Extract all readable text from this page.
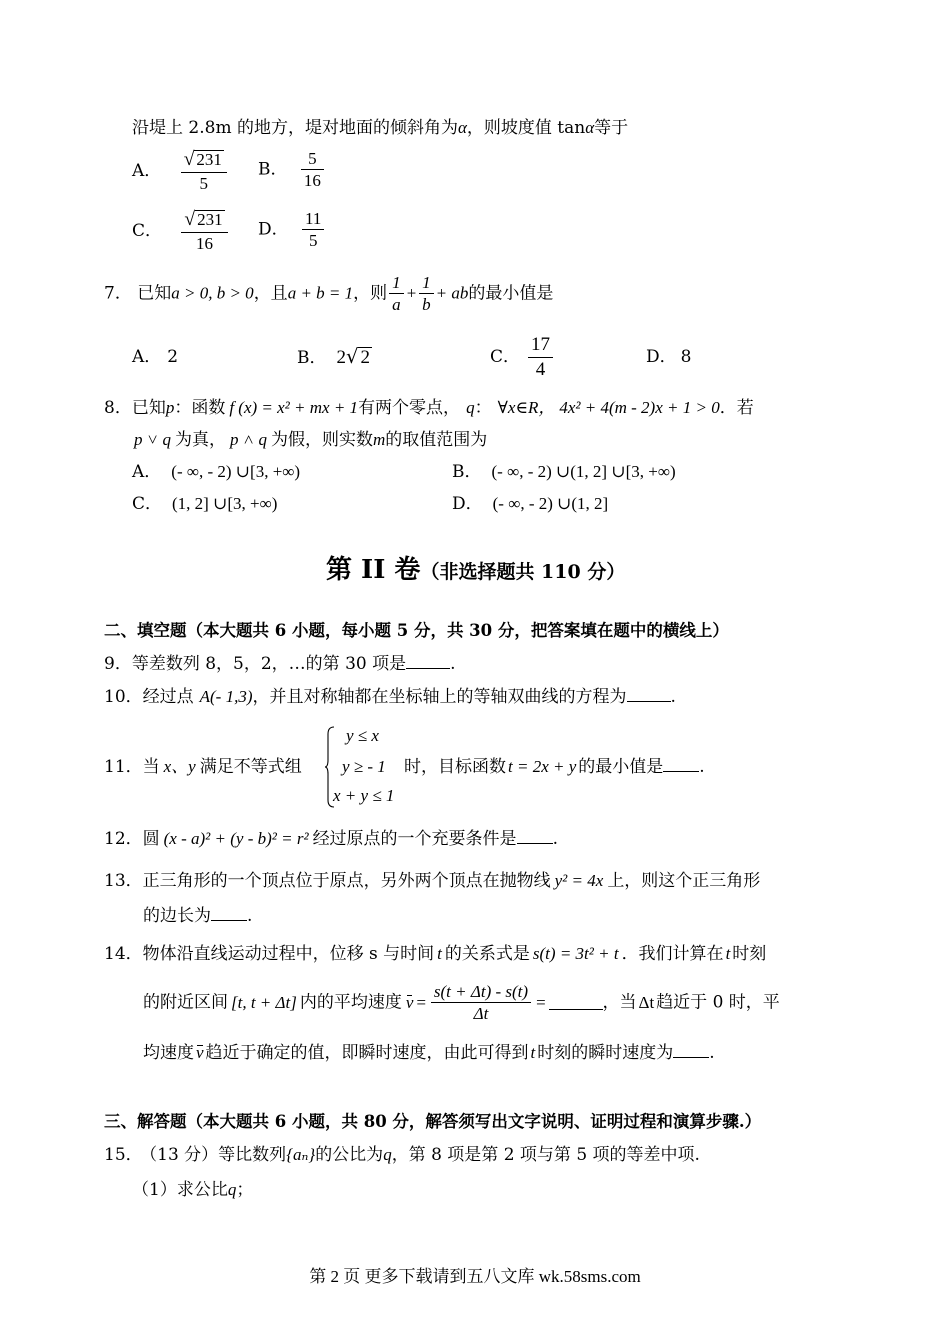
沿堤上 2.8m 的地方，堤对地面的倾斜角为α，则坡度值 tanα等于
A． $\frac{√ 231}{5}$ B． $\frac{5}{16}$
C． $\frac{√ 231}{16}$ D． $\frac{11}{5}$
7． 已知a > 0, b > 0，且a + b = 1，则 $\frac{1}{a} + \frac{1}{b}$ + ab的最小值是
A． 2	B． 2√ 2	C． $\frac{17}{4}$	D． 8
8．已知p：函数 f (x) = x² + mx + 1有两个零点， q： ∀x∈R， 4x² + 4(m - 2)x + 1 > 0．若
p ˅ q 为真， p ˄ q 为假，则实数m的取值范围为
A． (- ∞, - 2) ∪[3, +∞)	B． (- ∞, - 2) ∪(1, 2] ∪[3, +∞)
C． (1, 2] ∪[3, +∞)	D． (- ∞, - 2) ∪(1, 2]
第 II 卷（非选择题共 110 分）
二、填空题（本大题共 6 小题，每小题 5 分，共 30 分，把答案填在题中的横线上）
9．等差数列 8，5，2，…的第 30 项是	.
10．经过点 A(- 1,3)，并且对称轴都在坐标轴上的等轴双曲线的方程为	.
11．当 x、y 满足不等式组
y ≤ x
y ≥ - 1
x + y ≤ 1
时，目标函数 t = 2x + y 的最小值是 .
12．圆 (x - a)² + (y - b)² = r² 经过原点的一个充要条件是 .
13．正三角形的一个顶点位于原点，另外两个顶点在抛物线 y² = 4x 上，则这个正三角形
的边长为 .
14．物体沿直线运动过程中，位移 s 与时间 t 的关系式是 s(t) = 3t² + t ．我们计算在 t 时刻
的附近区间 [t, t + Δt] 内的平均速度 $v = \frac{s(t + \Delta t) - s(t)}{\Delta t}$ =	，当 Δt 趋近于 0 时，平
均速度 v 趋近于确定的值，即瞬时速度，由此可得到 t 时刻的瞬时速度为 .
三、解答题（本大题共 6 小题，共 80 分，解答须写出文字说明、证明过程和演算步骤.）
15． （13 分）等比数列{aₙ}的公比为q，第 8 项是第 2 项与第 5 项的等差中项.
（1）求公比q；
第 2 页 更多下载请到五八文库 wk.58sms.com
